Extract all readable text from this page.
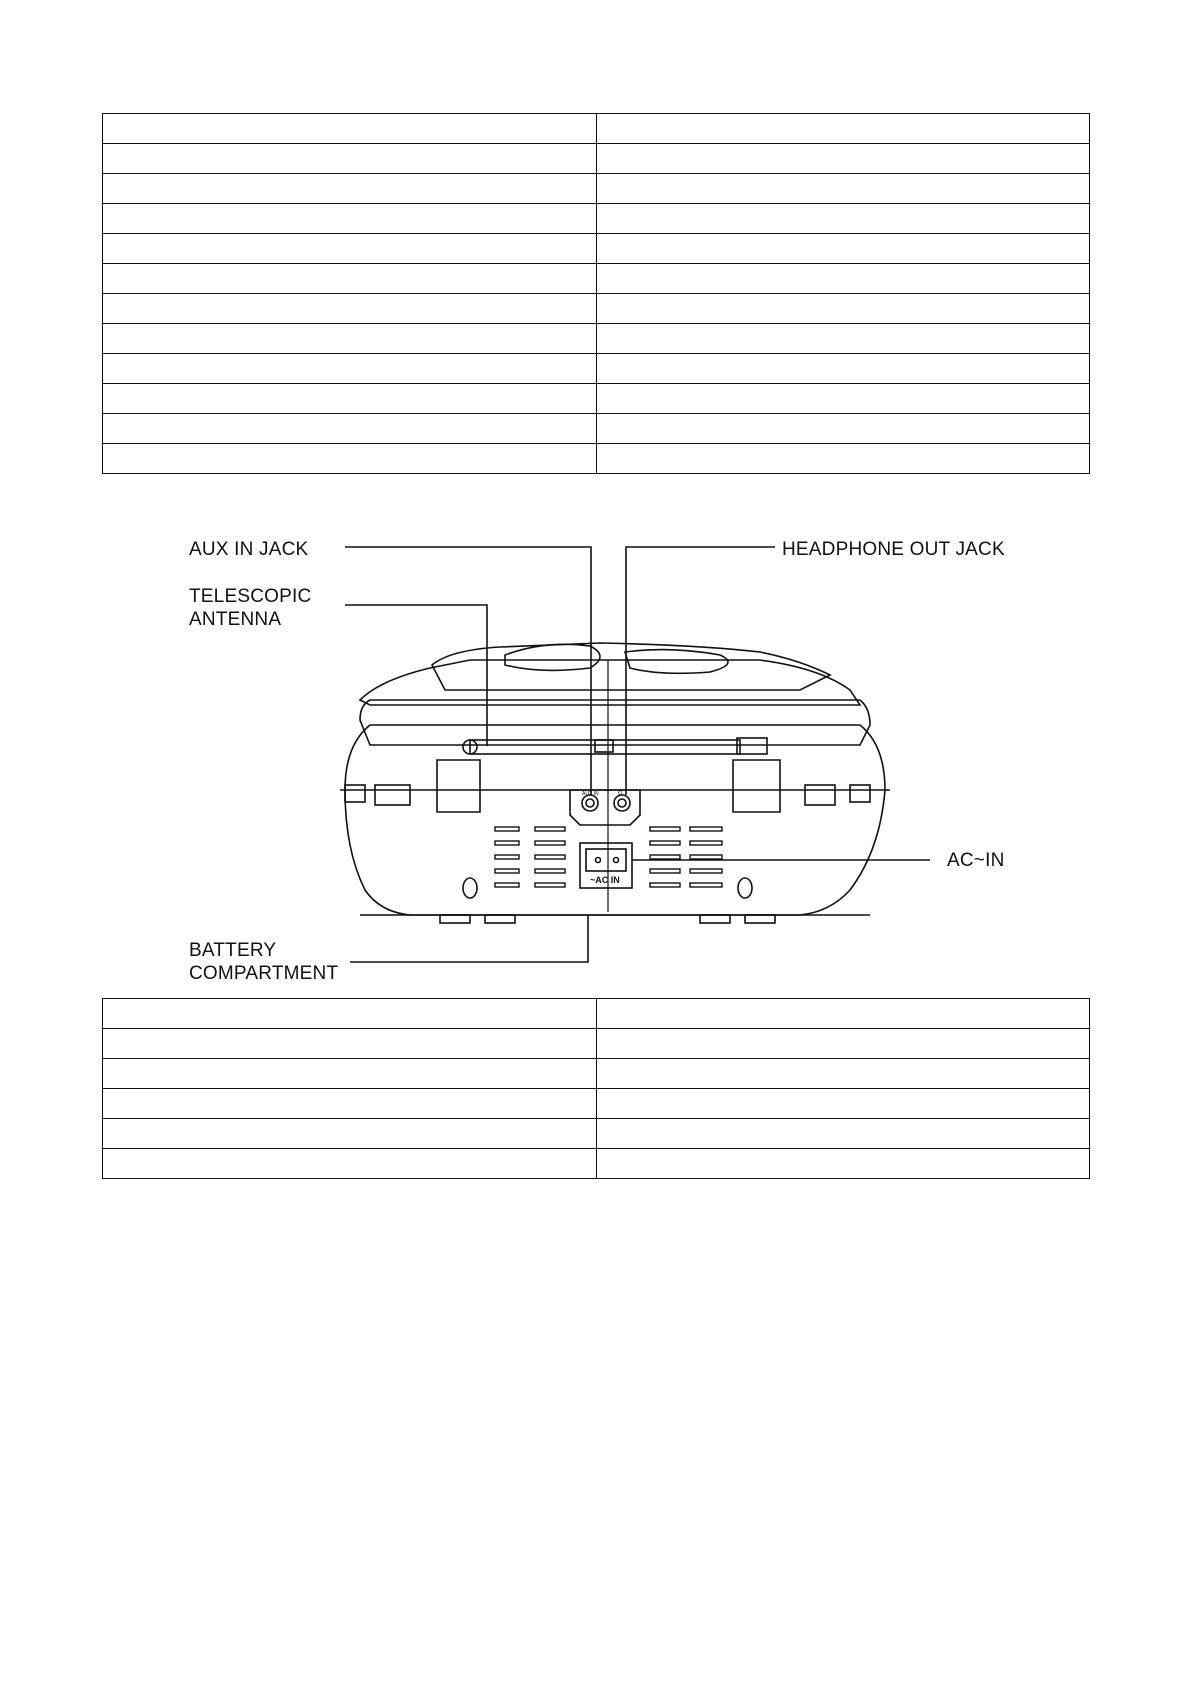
AUX IN	Ω
~AC IN
AUX IN JACK
TELESCOPIC
ANTENNA
HEADPHONE OUT JACK
AC~IN
BATTERY
COMPARTMENT
